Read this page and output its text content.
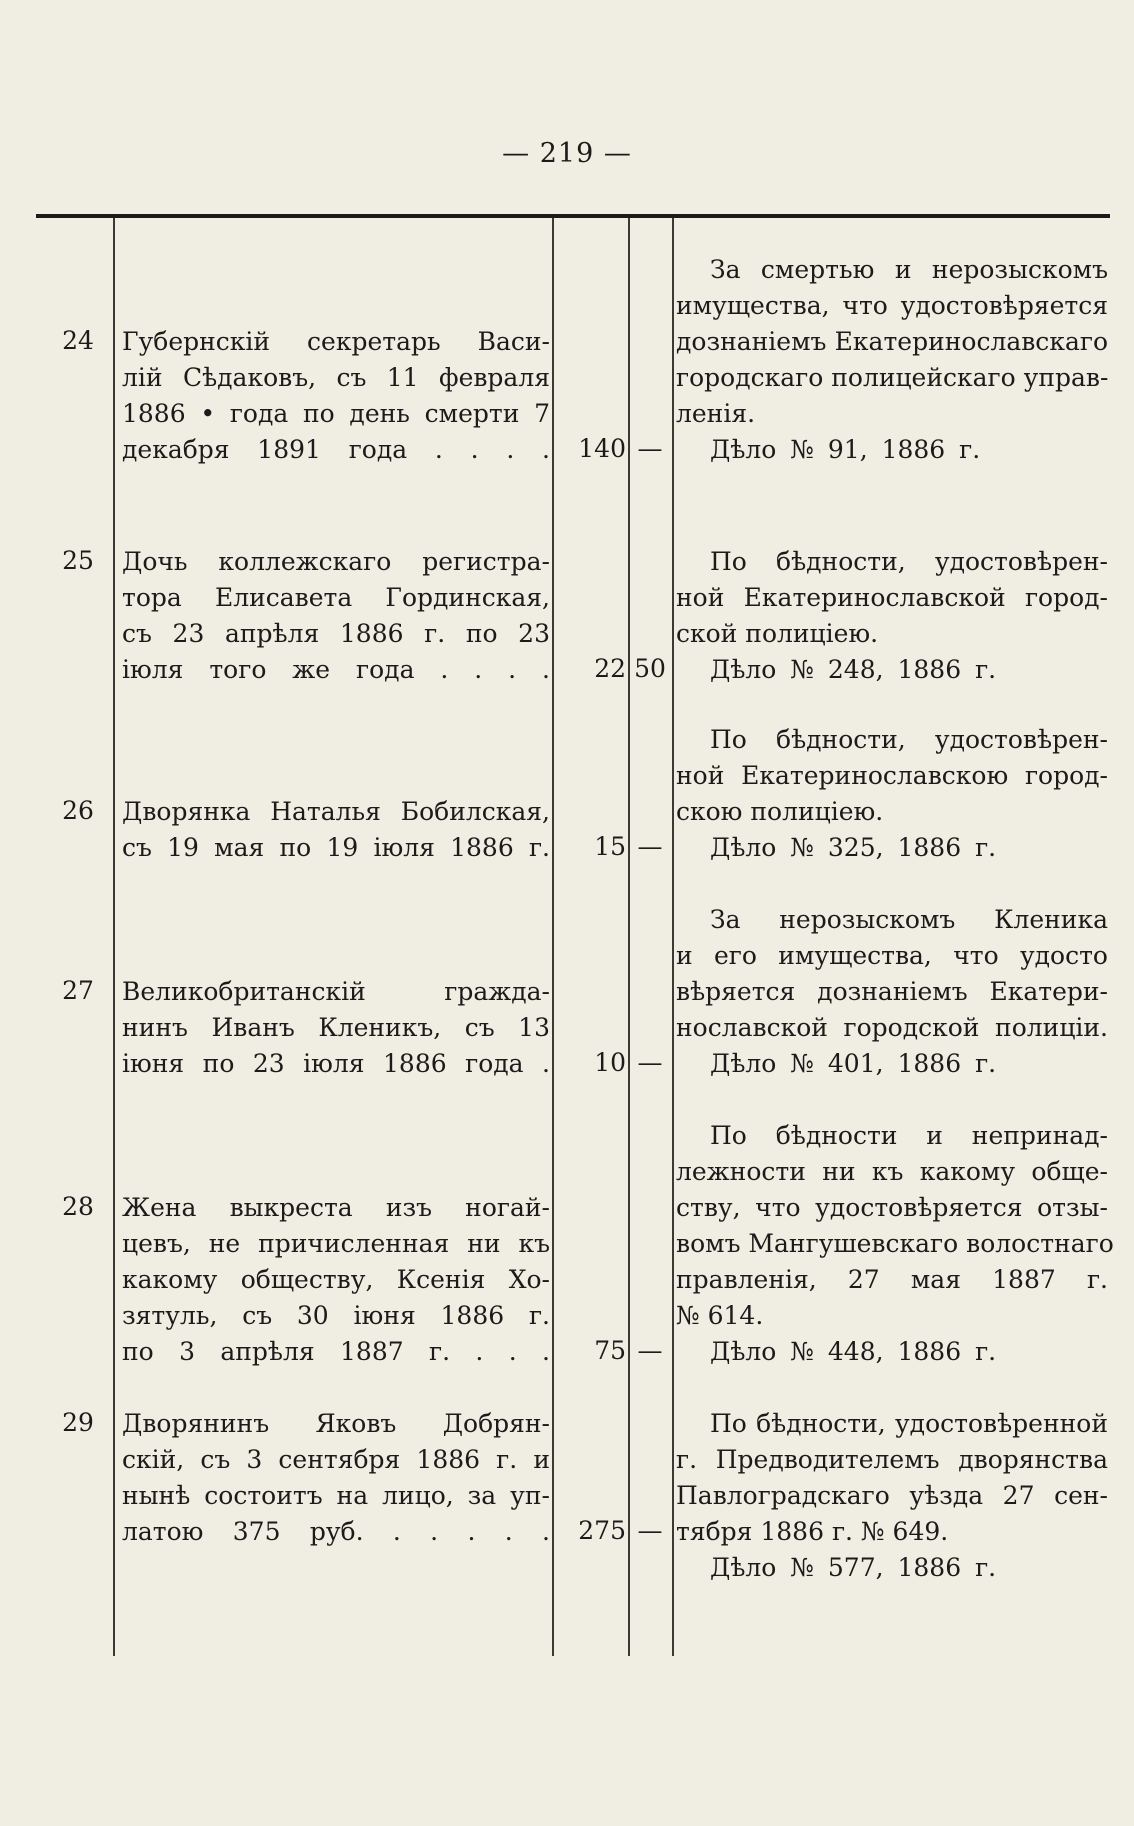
— 219 —
24 Губернскій секретарь Васи-
лій Сѣдаковъ, съ 11 февраля
1886 • года по день смерти 7
декабря 1891 года . . . .	140 —
За смертью и нерозыскомъ
имущества, что удостовѣряется
дознаніемъ Екатеринославскаго
городскаго полицейскаго управ-
ленія.
Дѣло № 91, 1886 г.
25 Дочь коллежскаго регистра-
тора Елисавета Гординская,
съ 23 апрѣля 1886 г. по 23
іюля того же года . . . .	22 50
По бѣдности, удостовѣрен-
ной Екатеринославской город-
ской полиціею.
Дѣло № 248, 1886 г.
26 Дворянка Наталья Бобилская,
съ 19 мая по 19 іюля 1886 г.	15 —
По бѣдности, удостовѣрен-
ной Екатеринославскою город-
скою полиціею.
Дѣло № 325, 1886 г.
27 Великобританскій гражда-
нинъ Иванъ Кленикъ, съ 13
іюня по 23 іюля 1886 года .	10 —
За нерозыскомъ Кленика
и его имущества, что удосто
вѣряется дознаніемъ Екатери-
нославской городской полиціи.
Дѣло № 401, 1886 г.
28 Жена выкреста изъ ногай-
цевъ, не причисленная ни къ
какому обществу, Ксенія Хо-
зятуль, съ 30 іюня 1886 г.
по 3 апрѣля 1887 г. . . .	75 —
По бѣдности и непринад-
лежности ни къ какому обще-
ству, что удостовѣряется отзы-
вомъ Мангушевскаго волостнаго
правленія, 27 мая 1887 г.
№ 614.
Дѣло № 448, 1886 г.
29 Дворянинъ Яковъ Добрян-
скій, съ 3 сентября 1886 г. и
нынѣ состоитъ на лицо, за уп-
латою 375 руб. . . . . .	275 —
По бѣдности, удостовѣренной
г. Предводителемъ дворянства
Павлоградскаго уѣзда 27 сен-
тября 1886 г. № 649.
Дѣло № 577, 1886 г.
